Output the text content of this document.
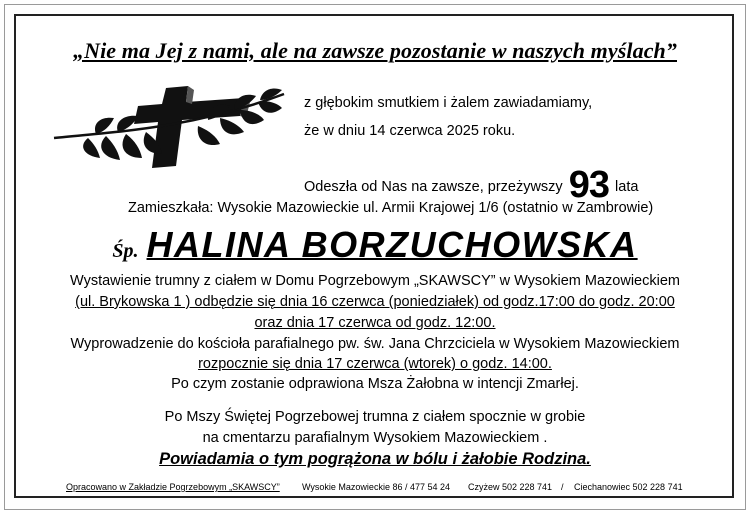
„Nie ma Jej z nami, ale na zawsze pozostanie w naszych myślach”
z głębokim smutkiem i żalem zawiadamiamy,
że w dniu 14 czerwca 2025 roku.
Odeszła od Nas na zawsze, przeżywszy 93 lata
Zamieszkała: Wysokie Mazowieckie ul. Armii Krajowej 1/6 (ostatnio w Zambrowie)
Śp. HALINA BORZUCHOWSKA
Wystawienie trumny z ciałem w Domu Pogrzebowym „SKAWSCY” w Wysokiem Mazowieckiem
(ul. Brykowska 1 ) odbędzie się dnia 16 czerwca (poniedziałek) od godz.17:00 do godz. 20:00
oraz dnia 17 czerwca od godz. 12:00.
Wyprowadzenie do kościoła parafialnego pw. św. Jana Chrzciciela w Wysokiem Mazowieckiem
rozpocznie się dnia 17 czerwca (wtorek) o godz. 14:00.
Po czym zostanie odprawiona Msza Żałobna w intencji Zmarłej.
Po Mszy Świętej Pogrzebowej trumna z ciałem spocznie w grobie
na cmentarzu parafialnym Wysokiem Mazowieckiem .
Powiadamia o tym pogrążona w bólu i żałobie Rodzina.
Opracowano w Zakładzie Pogrzebowym „SKAWSCY” Wysokie Mazowieckie 86 / 477 54 24 Czyżew 502 228 741 / Ciechanowiec 502 228 741
